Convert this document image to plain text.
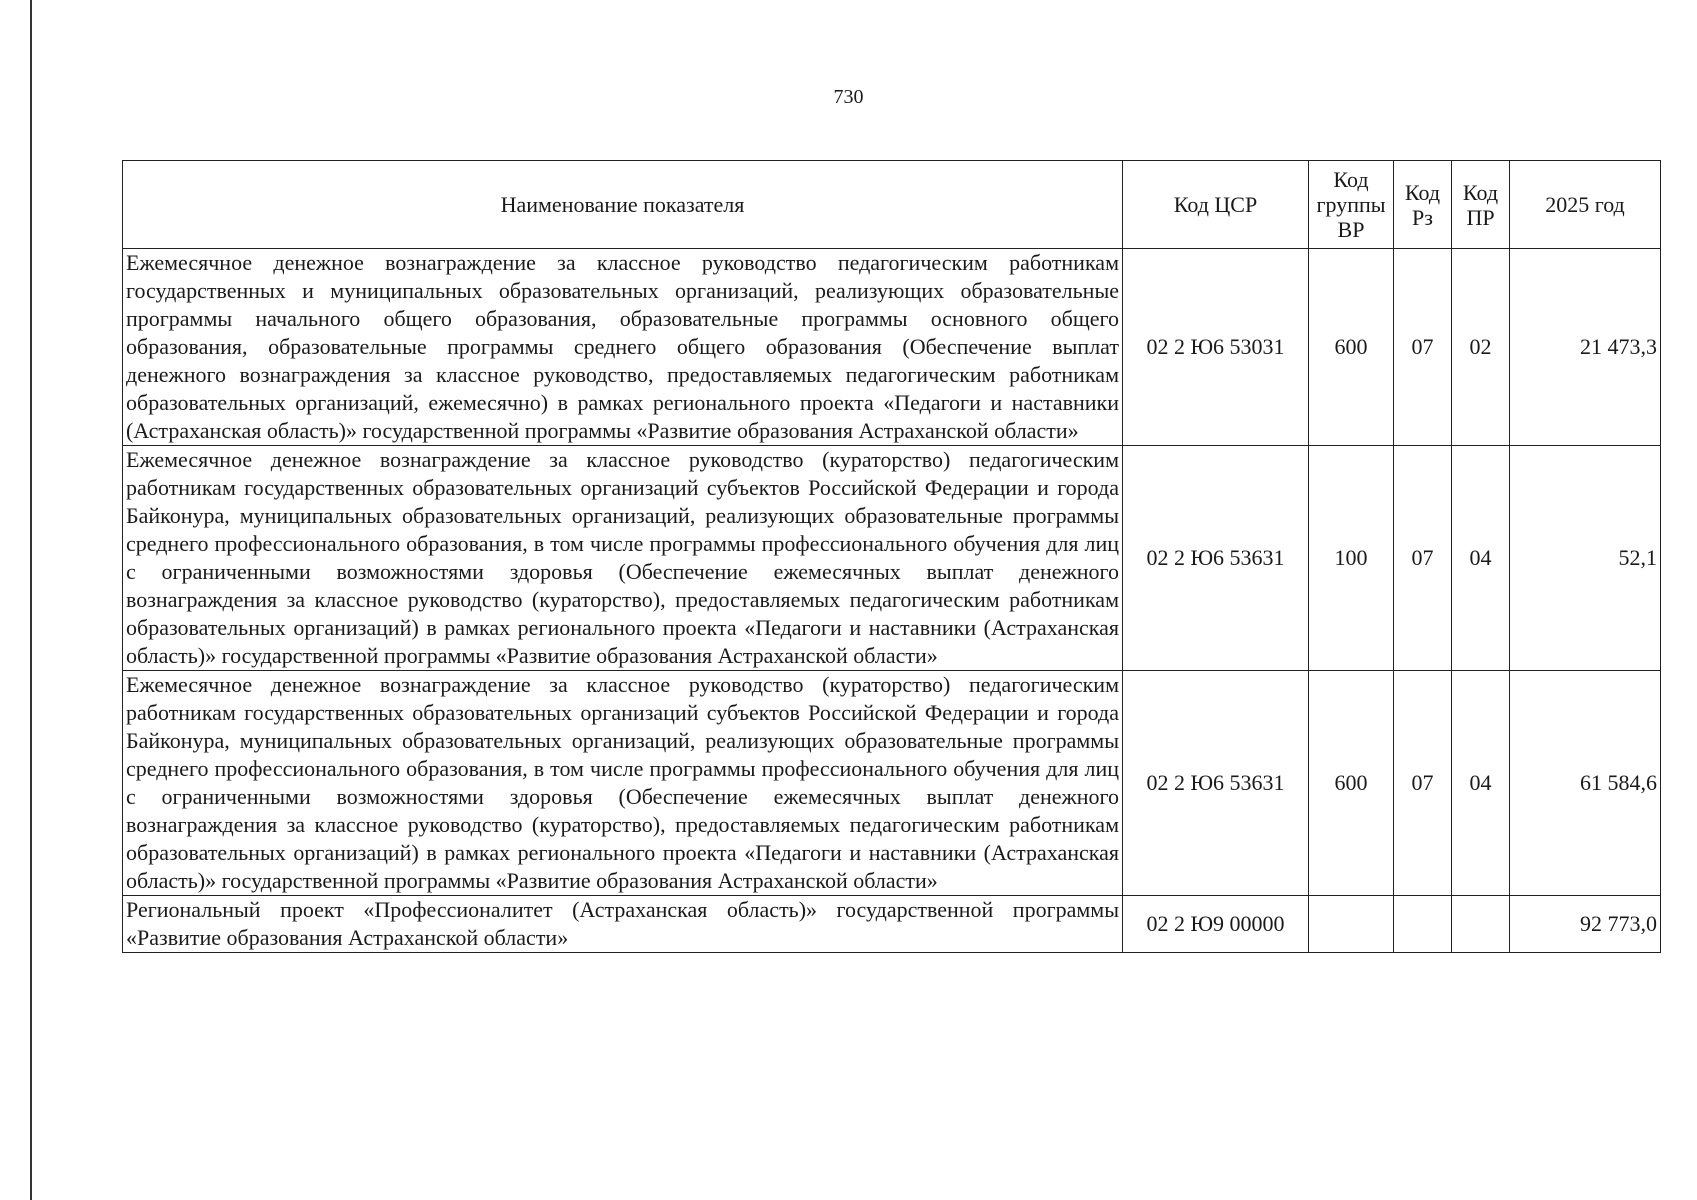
730
Наименование показателя	Код ЦСР	Код группы ВР	Код Рз	Код ПР	2025 год
Ежемесячное денежное вознаграждение за классное руководство педагогическим работникам государственных и муниципальных образовательных организаций, реализующих образовательные программы начального общего образования, образовательные программы основного общего образования, образовательные программы среднего общего образования (Обеспечение выплат денежного вознаграждения за классное руководство, предоставляемых педагогическим работникам образовательных организаций, ежемесячно) в рамках регионального проекта «Педагоги и наставники (Астраханская область)» государственной программы «Развитие образования Астраханской области»	02 2 Ю6 53031	600	07	02	21 473,3
Ежемесячное денежное вознаграждение за классное руководство (кураторство) педагогическим работникам государственных образовательных организаций субъектов Российской Федерации и города Байконура, муниципальных образовательных организаций, реализующих образовательные программы среднего профессионального образования, в том числе программы профессионального обучения для лиц с ограниченными возможностями здоровья (Обеспечение ежемесячных выплат денежного вознаграждения за классное руководство (кураторство), предоставляемых педагогическим работникам образовательных организаций) в рамках регионального проекта «Педагоги и наставники (Астраханская область)» государственной программы «Развитие образования Астраханской области»	02 2 Ю6 53631	100	07	04	52,1
Ежемесячное денежное вознаграждение за классное руководство (кураторство) педагогическим работникам государственных образовательных организаций субъектов Российской Федерации и города Байконура, муниципальных образовательных организаций, реализующих образовательные программы среднего профессионального образования, в том числе программы профессионального обучения для лиц с ограниченными возможностями здоровья (Обеспечение ежемесячных выплат денежного вознаграждения за классное руководство (кураторство), предоставляемых педагогическим работникам образовательных организаций) в рамках регионального проекта «Педагоги и наставники (Астраханская область)» государственной программы «Развитие образования Астраханской области»	02 2 Ю6 53631	600	07	04	61 584,6
Региональный проект «Профессионалитет (Астраханская область)» государственной программы «Развитие образования Астраханской области»	02 2 Ю9 00000				92 773,0
